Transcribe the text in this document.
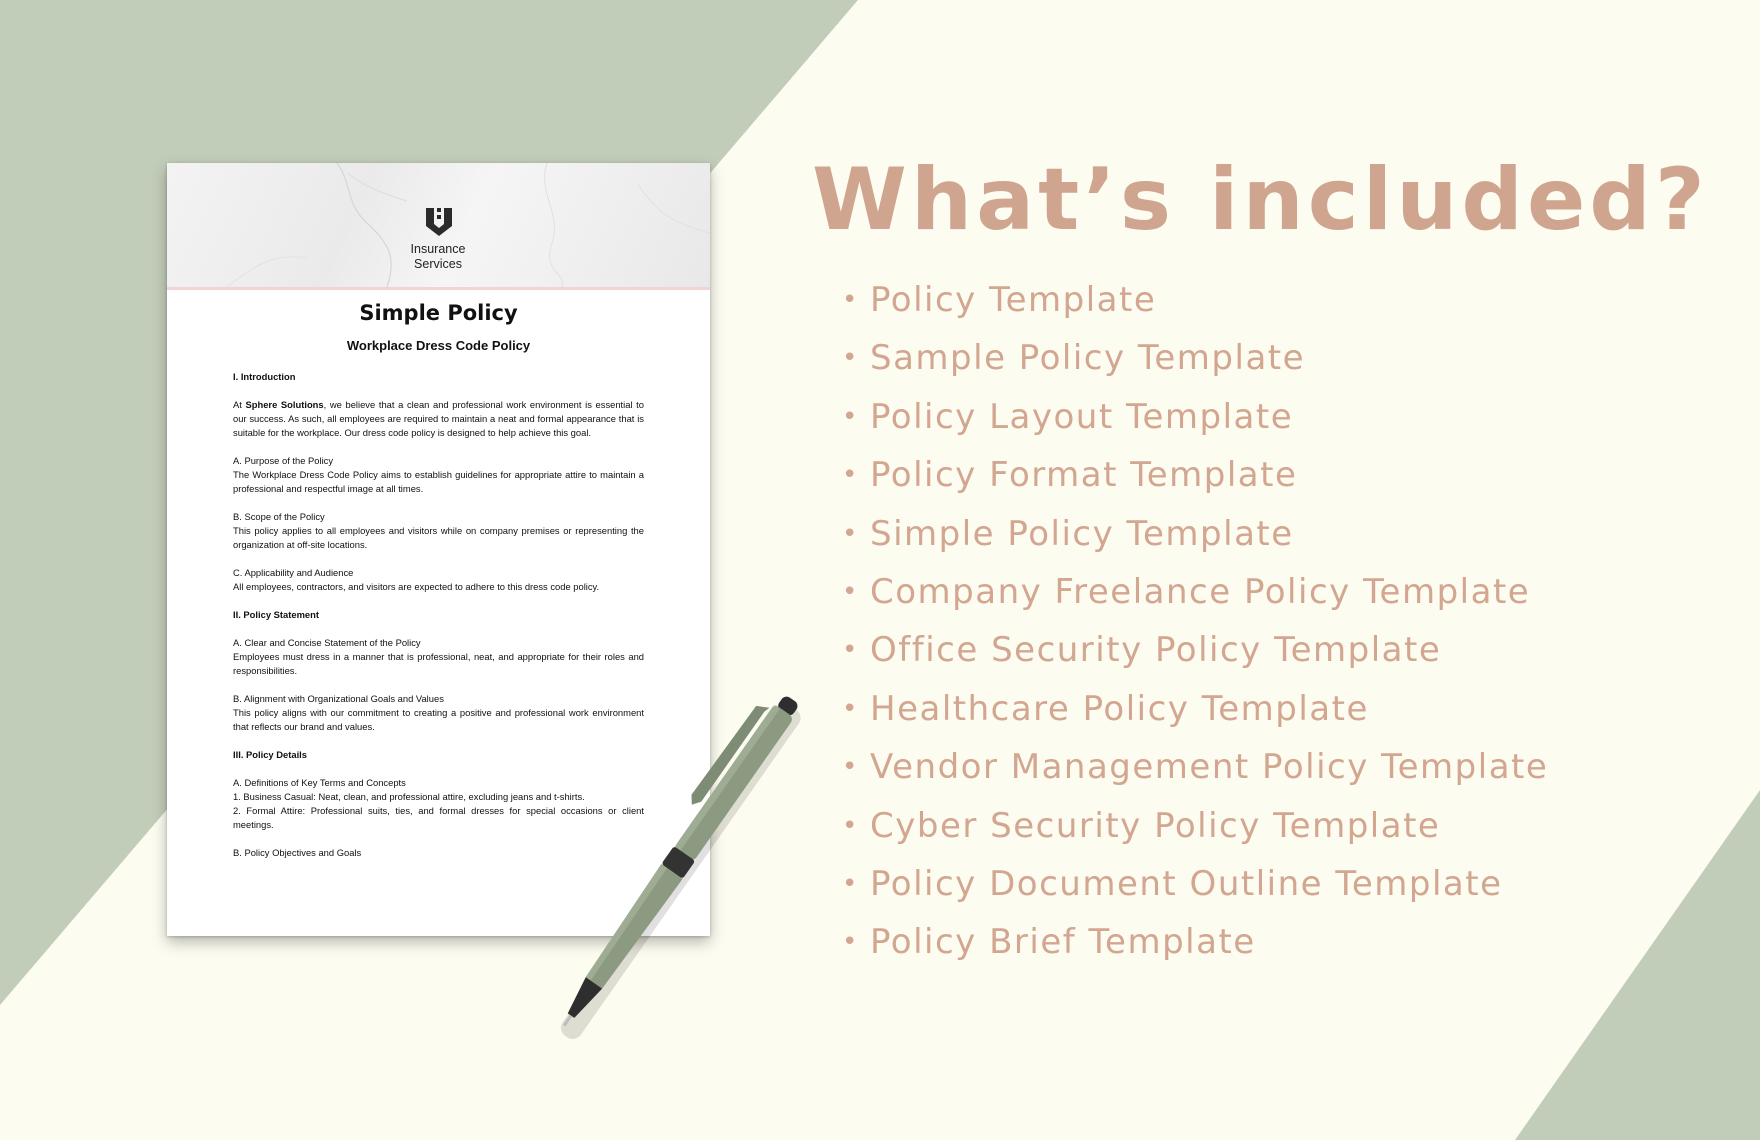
Insurance
Services
Simple Policy
Workplace Dress Code Policy

I. Introduction

At Sphere Solutions, we believe that a clean and professional work environment is essential to our success. As such, all employees are required to maintain a neat and formal appearance that is suitable for the workplace. Our dress code policy is designed to help achieve this goal.

A. Purpose of the Policy

The Workplace Dress Code Policy aims to establish guidelines for appropriate attire to maintain a professional and respectful image at all times.

B. Scope of the Policy

This policy applies to all employees and visitors while on company premises or representing the organization at off-site locations.

C. Applicability and Audience

All employees, contractors, and visitors are expected to adhere to this dress code policy.

II. Policy Statement

A. Clear and Concise Statement of the Policy

Employees must dress in a manner that is professional, neat, and appropriate for their roles and responsibilities.

B. Alignment with Organizational Goals and Values

This policy aligns with our commitment to creating a positive and professional work environment that reflects our brand and values.

III. Policy Details

A. Definitions of Key Terms and Concepts

1. Business Casual: Neat, clean, and professional attire, excluding jeans and t-shirts.

2. Formal Attire: Professional suits, ties, and formal dresses for special occasions or client meetings.

B. Policy Objectives and Goals

What’s included?
• Policy Template
• Sample Policy Template
• Policy Layout Template
• Policy Format Template
• Simple Policy Template
• Company Freelance Policy Template
• Office Security Policy Template
• Healthcare Policy Template
• Vendor Management Policy Template
• Cyber Security Policy Template
• Policy Document Outline Template
• Policy Brief Template
